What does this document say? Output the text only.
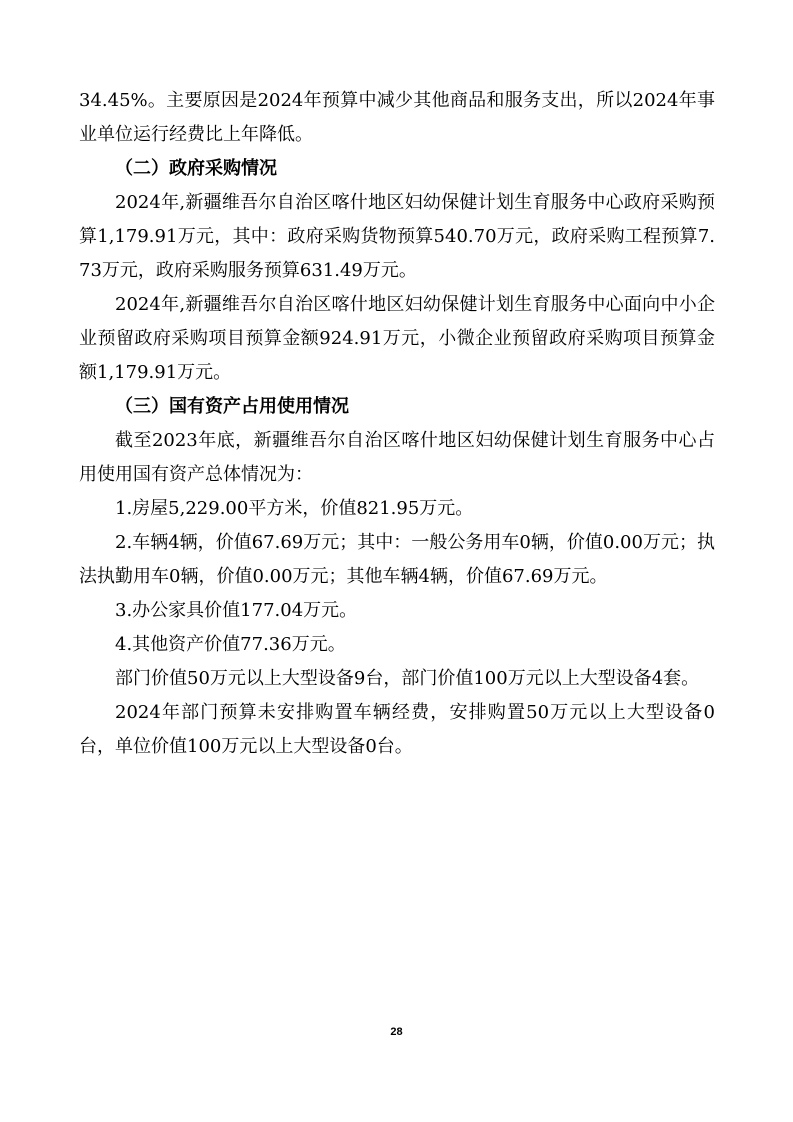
34.45%。主要原因是2024年预算中减少其他商品和服务支出，所以2024年事业单位运行经费比上年降低。

（二）政府采购情况

2024年,新疆维吾尔自治区喀什地区妇幼保健计划生育服务中心政府采购预算1,179.91万元，其中：政府采购货物预算540.70万元，政府采购工程预算7.73万元，政府采购服务预算631.49万元。

2024年,新疆维吾尔自治区喀什地区妇幼保健计划生育服务中心面向中小企业预留政府采购项目预算金额924.91万元，小微企业预留政府采购项目预算金额1,179.91万元。

（三）国有资产占用使用情况

截至2023年底，新疆维吾尔自治区喀什地区妇幼保健计划生育服务中心占用使用国有资产总体情况为：

1.房屋5,229.00平方米，价值821.95万元。

2.车辆4辆，价值67.69万元；其中：一般公务用车0辆，价值0.00万元；执法执勤用车0辆，价值0.00万元；其他车辆4辆，价值67.69万元。

3.办公家具价值177.04万元。

4.其他资产价值77.36万元。

部门价值50万元以上大型设备9台，部门价值100万元以上大型设备4套。

2024年部门预算未安排购置车辆经费，安排购置50万元以上大型设备0台，单位价值100万元以上大型设备0台。

28
